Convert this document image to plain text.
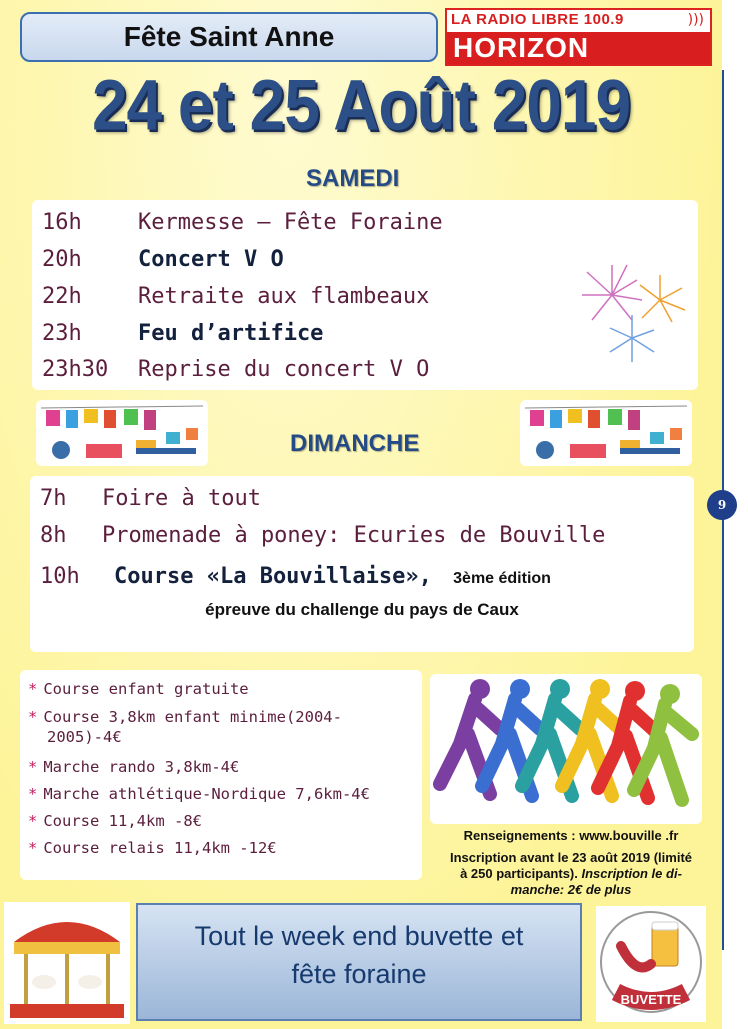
9
Fête Saint Anne
LA RADIO LIBRE 100.9	)))
HORIZON
24 et 25 Août 2019
SAMEDI
16h	Kermesse – Fête Foraine
20h	Concert V O
22h	Retraite aux flambeaux
23h	Feu d’artifice
23h30 Reprise du concert V O
DIMANCHE
7h Foire à tout
8h Promenade à poney: Ecuries de Bouville
10h Course «La Bouvillaise», 3ème édition
épreuve du challenge du pays de Caux
* Course enfant gratuite
* Course 3,8km enfant minime(2004-
2005)-4€
* Marche rando 3,8km-4€
* Marche athlétique-Nordique 7,6km-4€
* Course 11,4km -8€
* Course relais 11,4km -12€
Renseignements : www.bouville .fr
Inscription avant le 23 août 2019 (limité
à 250 participants). Inscription le di-
manche: 2€ de plus
Tout le week end buvette et
fête foraine
BUVETTE
